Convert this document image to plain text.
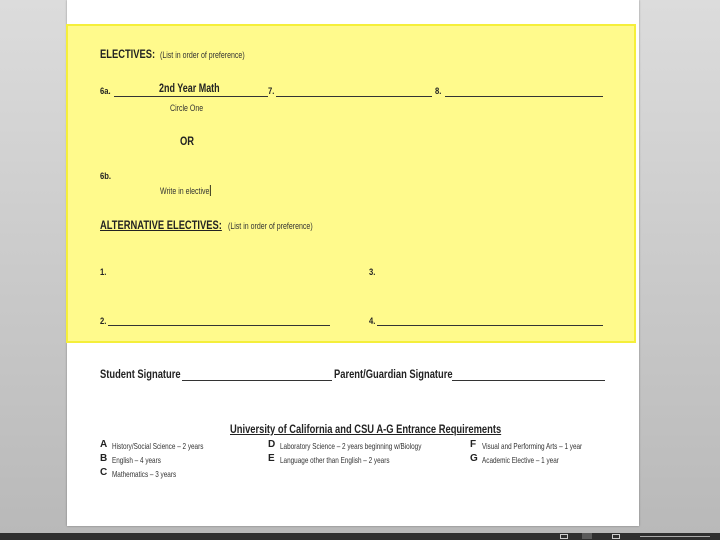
ELECTIVES: (List in order of preference)
6a.	2nd Year Math	7.	8.
Circle One
OR
6b.
Write in elective
ALTERNATIVE ELECTIVES: (List in order of preference)
1.	3.
2.	4.
Student Signature	Parent/Guardian Signature
University of California and CSU A-G Entrance Requirements
A History/Social Science – 2 years
B English – 4 years
C Mathematics – 3 years
D Laboratory Science – 2 years beginning w/Biology
E Language other than English – 2 years
F Visual and Performing Arts – 1 year
G Academic Elective – 1 year
